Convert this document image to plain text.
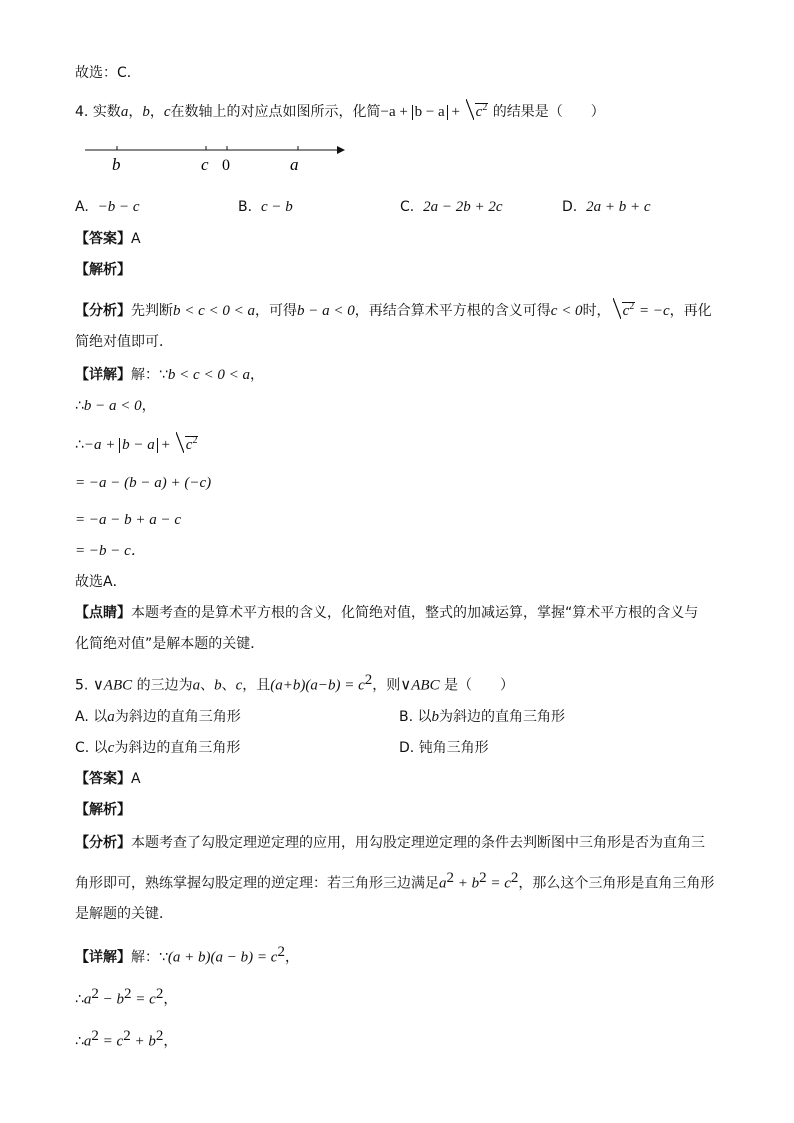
故选：C．
4. 实数a，b，c在数轴上的对应点如图所示，化简$-a + b - a + c^2$ 的结果是（　　）
b	c 0	a
A. −b − c	B. c − b	C. 2a − 2b + 2c	D. 2a + b + c
【答案】A
【解析】
【分析】先判断b < c < 0 < a，可得b − a < 0，再结合算术平方根的含义可得c < 0时， $c^2 = -c$，再化
简绝对值即可．
【详解】解：∵b < c < 0 < a，
∴b − a < 0，
∴−a + $b - a + c^2$
= −a − (b − a) + (−c)
= −a − b + a − c
= −b − c．
故选A．
【点睛】本题考查的是算术平方根的含义，化简绝对值，整式的加减运算，掌握“算术平方根的含义与
化简绝对值”是解本题的关键．
5. ∨ABC 的三边为a、b、c，且$(a+b)(a-b) = c^2$，则∨ABC 是（　　）
A. 以a为斜边的直角三角形	B. 以b为斜边的直角三角形
C. 以c为斜边的直角三角形	D. 钝角三角形
【答案】A
【解析】
【分析】本题考查了勾股定理逆定理的应用，用勾股定理逆定理的条件去判断图中三角形是否为直角三
角形即可，熟练掌握勾股定理的逆定理：若三角形三边满足$a^2 + b^2 = c^2$，那么这个三角形是直角三角形
是解题的关键．
【详解】解：∵(a + $b)(a - b) = c^2$，
$\therefore a^2 - b^2 = c^2$，
$\therefore a^2 = c^2 + b^2$，
